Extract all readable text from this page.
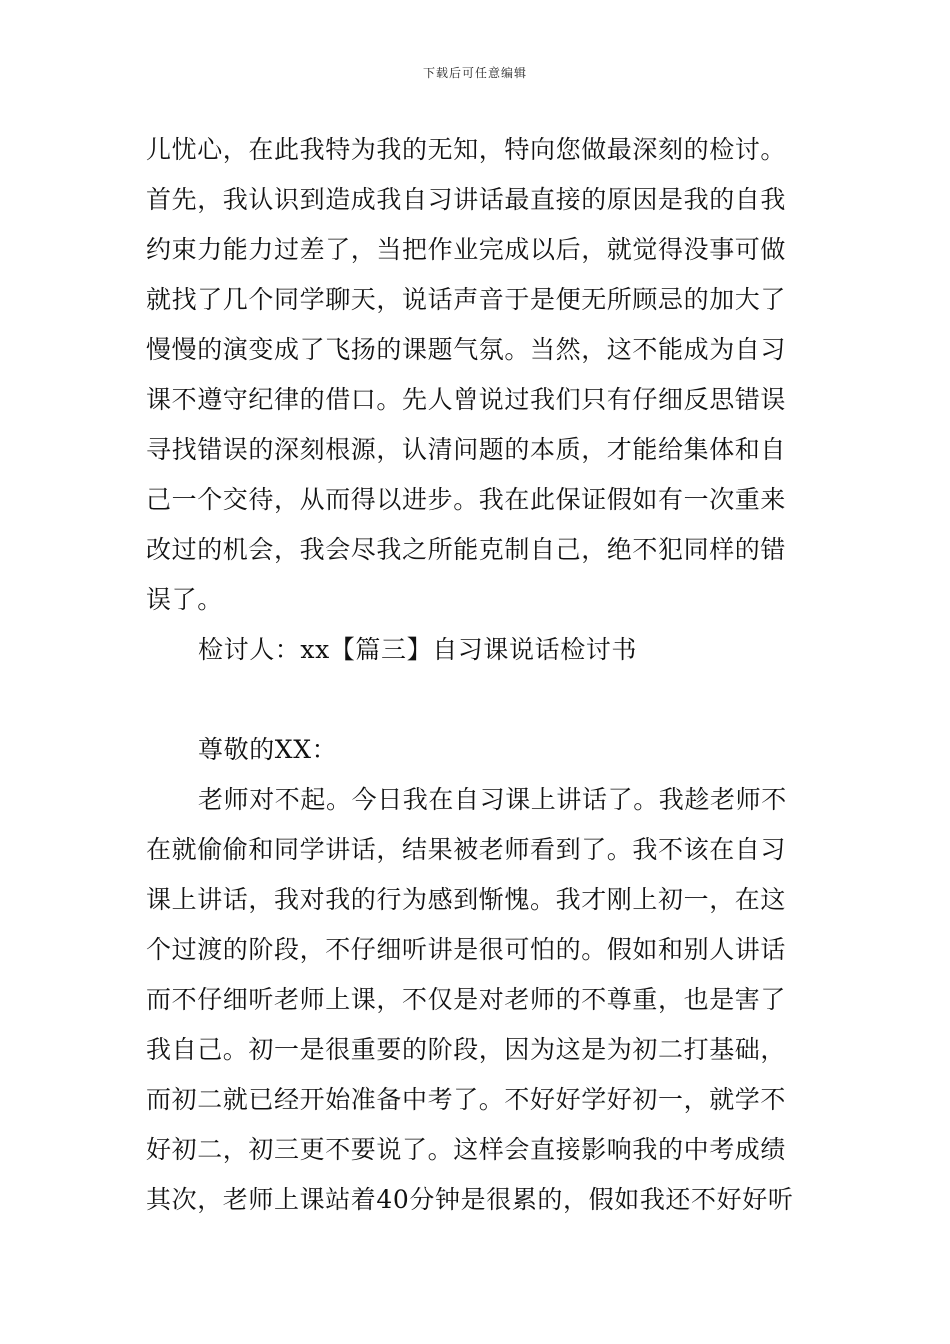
下载后可任意编辑
儿忧心，在此我特为我的无知，特向您做最深刻的检讨。
首先，我认识到造成我自习讲话最直接的原因是我的自我
约束力能力过差了，当把作业完成以后，就觉得没事可做
就找了几个同学聊天，说话声音于是便无所顾忌的加大了
慢慢的演变成了飞扬的课题气氛。当然，这不能成为自习
课不遵守纪律的借口。先人曾说过我们只有仔细反思错误
寻找错误的深刻根源，认清问题的本质，才能给集体和自
己一个交待，从而得以进步。我在此保证假如有一次重来
改过的机会，我会尽我之所能克制自己，绝不犯同样的错
误了。
检讨人：xx【篇三】自习课说话检讨书
尊敬的XX：
老师对不起。今日我在自习课上讲话了。我趁老师不
在就偷偷和同学讲话，结果被老师看到了。我不该在自习
课上讲话，我对我的行为感到惭愧。我才刚上初一，在这
个过渡的阶段，不仔细听讲是很可怕的。假如和别人讲话
而不仔细听老师上课，不仅是对老师的不尊重，也是害了
我自己。初一是很重要的阶段，因为这是为初二打基础，
而初二就已经开始准备中考了。不好好学好初一，就学不
好初二，初三更不要说了。这样会直接影响我的中考成绩
其次，老师上课站着40分钟是很累的，假如我还不好好听
